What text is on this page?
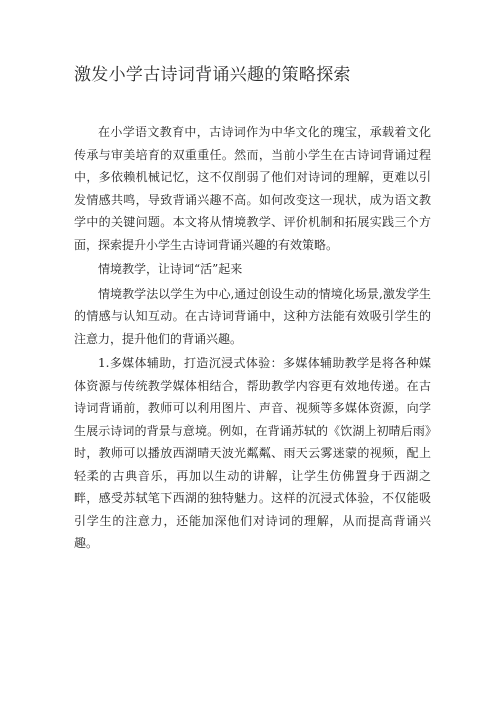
激发小学古诗词背诵兴趣的策略探索

在小学语文教育中，古诗词作为中华文化的瑰宝，承载着文化传承与审美培育的双重重任。然而，当前小学生在古诗词背诵过程中，多依赖机械记忆，这不仅削弱了他们对诗词的理解，更难以引发情感共鸣，导致背诵兴趣不高。如何改变这一现状，成为语文教学中的关键问题。本文将从情境教学、评价机制和拓展实践三个方面，探索提升小学生古诗词背诵兴趣的有效策略。

情境教学，让诗词“活”起来

情境教学法以学生为中心,通过创设生动的情境化场景,激发学生的情感与认知互动。在古诗词背诵中，这种方法能有效吸引学生的注意力，提升他们的背诵兴趣。

1.多媒体辅助，打造沉浸式体验：多媒体辅助教学是将各种媒体资源与传统教学媒体相结合，帮助教学内容更有效地传递。在古诗词背诵前，教师可以利用图片、声音、视频等多媒体资源，向学生展示诗词的背景与意境。例如，在背诵苏轼的《饮湖上初晴后雨》时，教师可以播放西湖晴天波光粼粼、雨天云雾迷蒙的视频，配上轻柔的古典音乐，再加以生动的讲解，让学生仿佛置身于西湖之畔，感受苏轼笔下西湖的独特魅力。这样的沉浸式体验，不仅能吸引学生的注意力，还能加深他们对诗词的理解，从而提高背诵兴趣。
